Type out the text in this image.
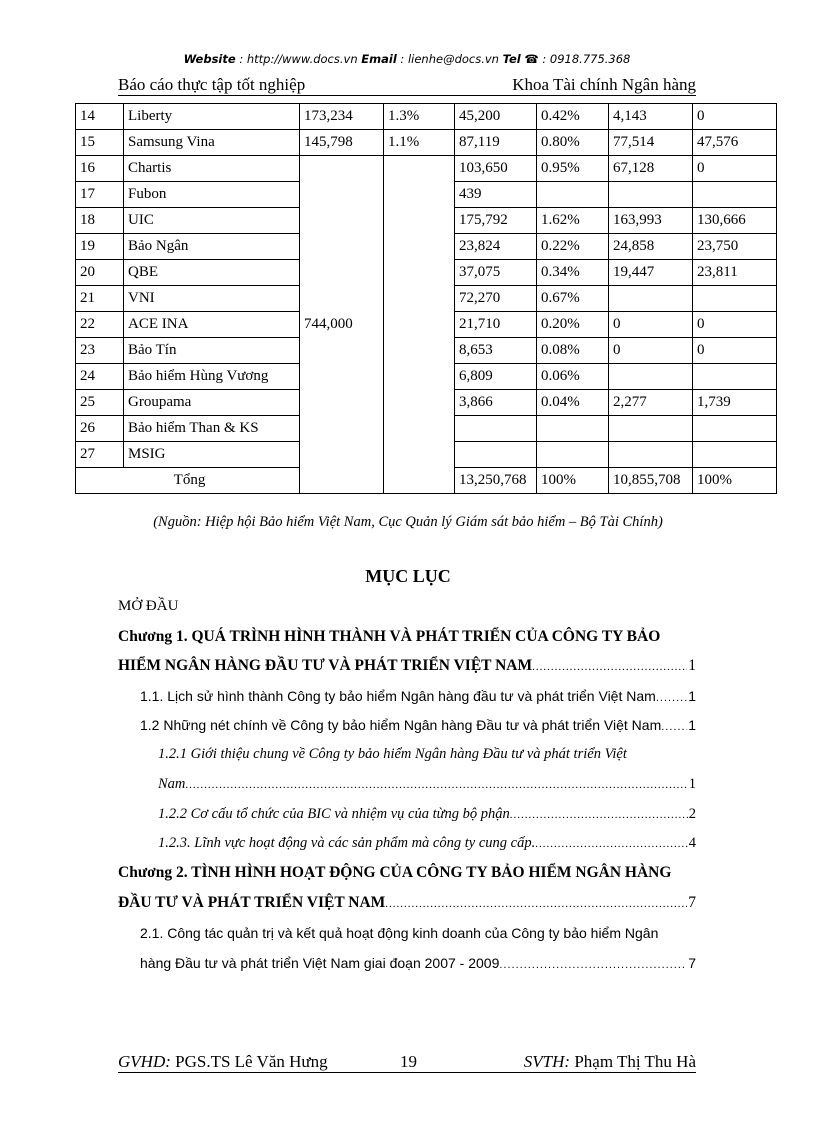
Website : http://www.docs.vn Email : lienhe@docs.vn Tel ☎ : 0918.775.368
Báo cáo thực tập tốt nghiệp	Khoa Tài chính Ngân hàng
14	Liberty	173,234	1.3%	45,200	0.42%	4,143	0	
15	Samsung Vina	145,798	1.1%	87,119	0.80%	77,514	47,576	
16	Chartis	744,000		103,650	0.95%	67,128	0	
17	Fubon			439				
18	UIC			175,792	1.62%	163,993	130,666	
19	Bảo Ngân			23,824	0.22%	24,858	23,750	
20	QBE			37,075	0.34%	19,447	23,811	
21	VNI			72,270	0.67%			
22	ACE INA			21,710	0.20%	0	0	
23	Bảo Tín			8,653	0.08%	0	0	
24	Bảo hiểm Hùng Vương			6,809	0.06%			
25	Groupama			3,866	0.04%	2,277	1,739	
26	Bảo hiểm Than & KS							
27	MSIG							
Tổng				13,250,768	100%	10,855,708	100%		
(Nguồn: Hiệp hội Bảo hiểm Việt Nam, Cục Quản lý Giám sát bảo hiểm – Bộ Tài Chính)
MỤC LỤC
MỞ ĐẦU
Chương 1. QUÁ TRÌNH HÌNH THÀNH VÀ PHÁT TRIỂN CỦA CÔNG TY BẢO
HIỂM NGÂN HÀNG ĐẦU TƯ VÀ PHÁT TRIỂN VIỆT NAM .....	1
1.1. Lịch sử hình thành Công ty bảo hiểm Ngân hàng đầu tư và phát triển Việt Nam ..... 1
1.2 Những nét chính về Công ty bảo hiểm Ngân hàng Đầu tư và phát triển Việt Nam ..... 1
1.2.1 Giới thiệu chung về Công ty bảo hiểm Ngân hàng Đầu tư và phát triển Việt
Nam .....	1
1.2.2 Cơ cấu tổ chức của BIC và nhiệm vụ của từng bộ phận .....	2
1.2.3. Lĩnh vực hoạt động và các sản phẩm mà công ty cung cấp. .....	4
Chương 2. TÌNH HÌNH HOẠT ĐỘNG CỦA CÔNG TY BẢO HIỂM NGÂN HÀNG
ĐẦU TƯ VÀ PHÁT TRIỂN VIỆT NAM .....	7
2.1. Công tác quản trị và kết quả hoạt động kinh doanh của Công ty bảo hiểm Ngân
hàng Đầu tư và phát triển Việt Nam giai đoạn 2007 - 2009 .....	7
GVHD: PGS.TS Lê Văn Hưng	19	SVTH: Phạm Thị Thu Hà
